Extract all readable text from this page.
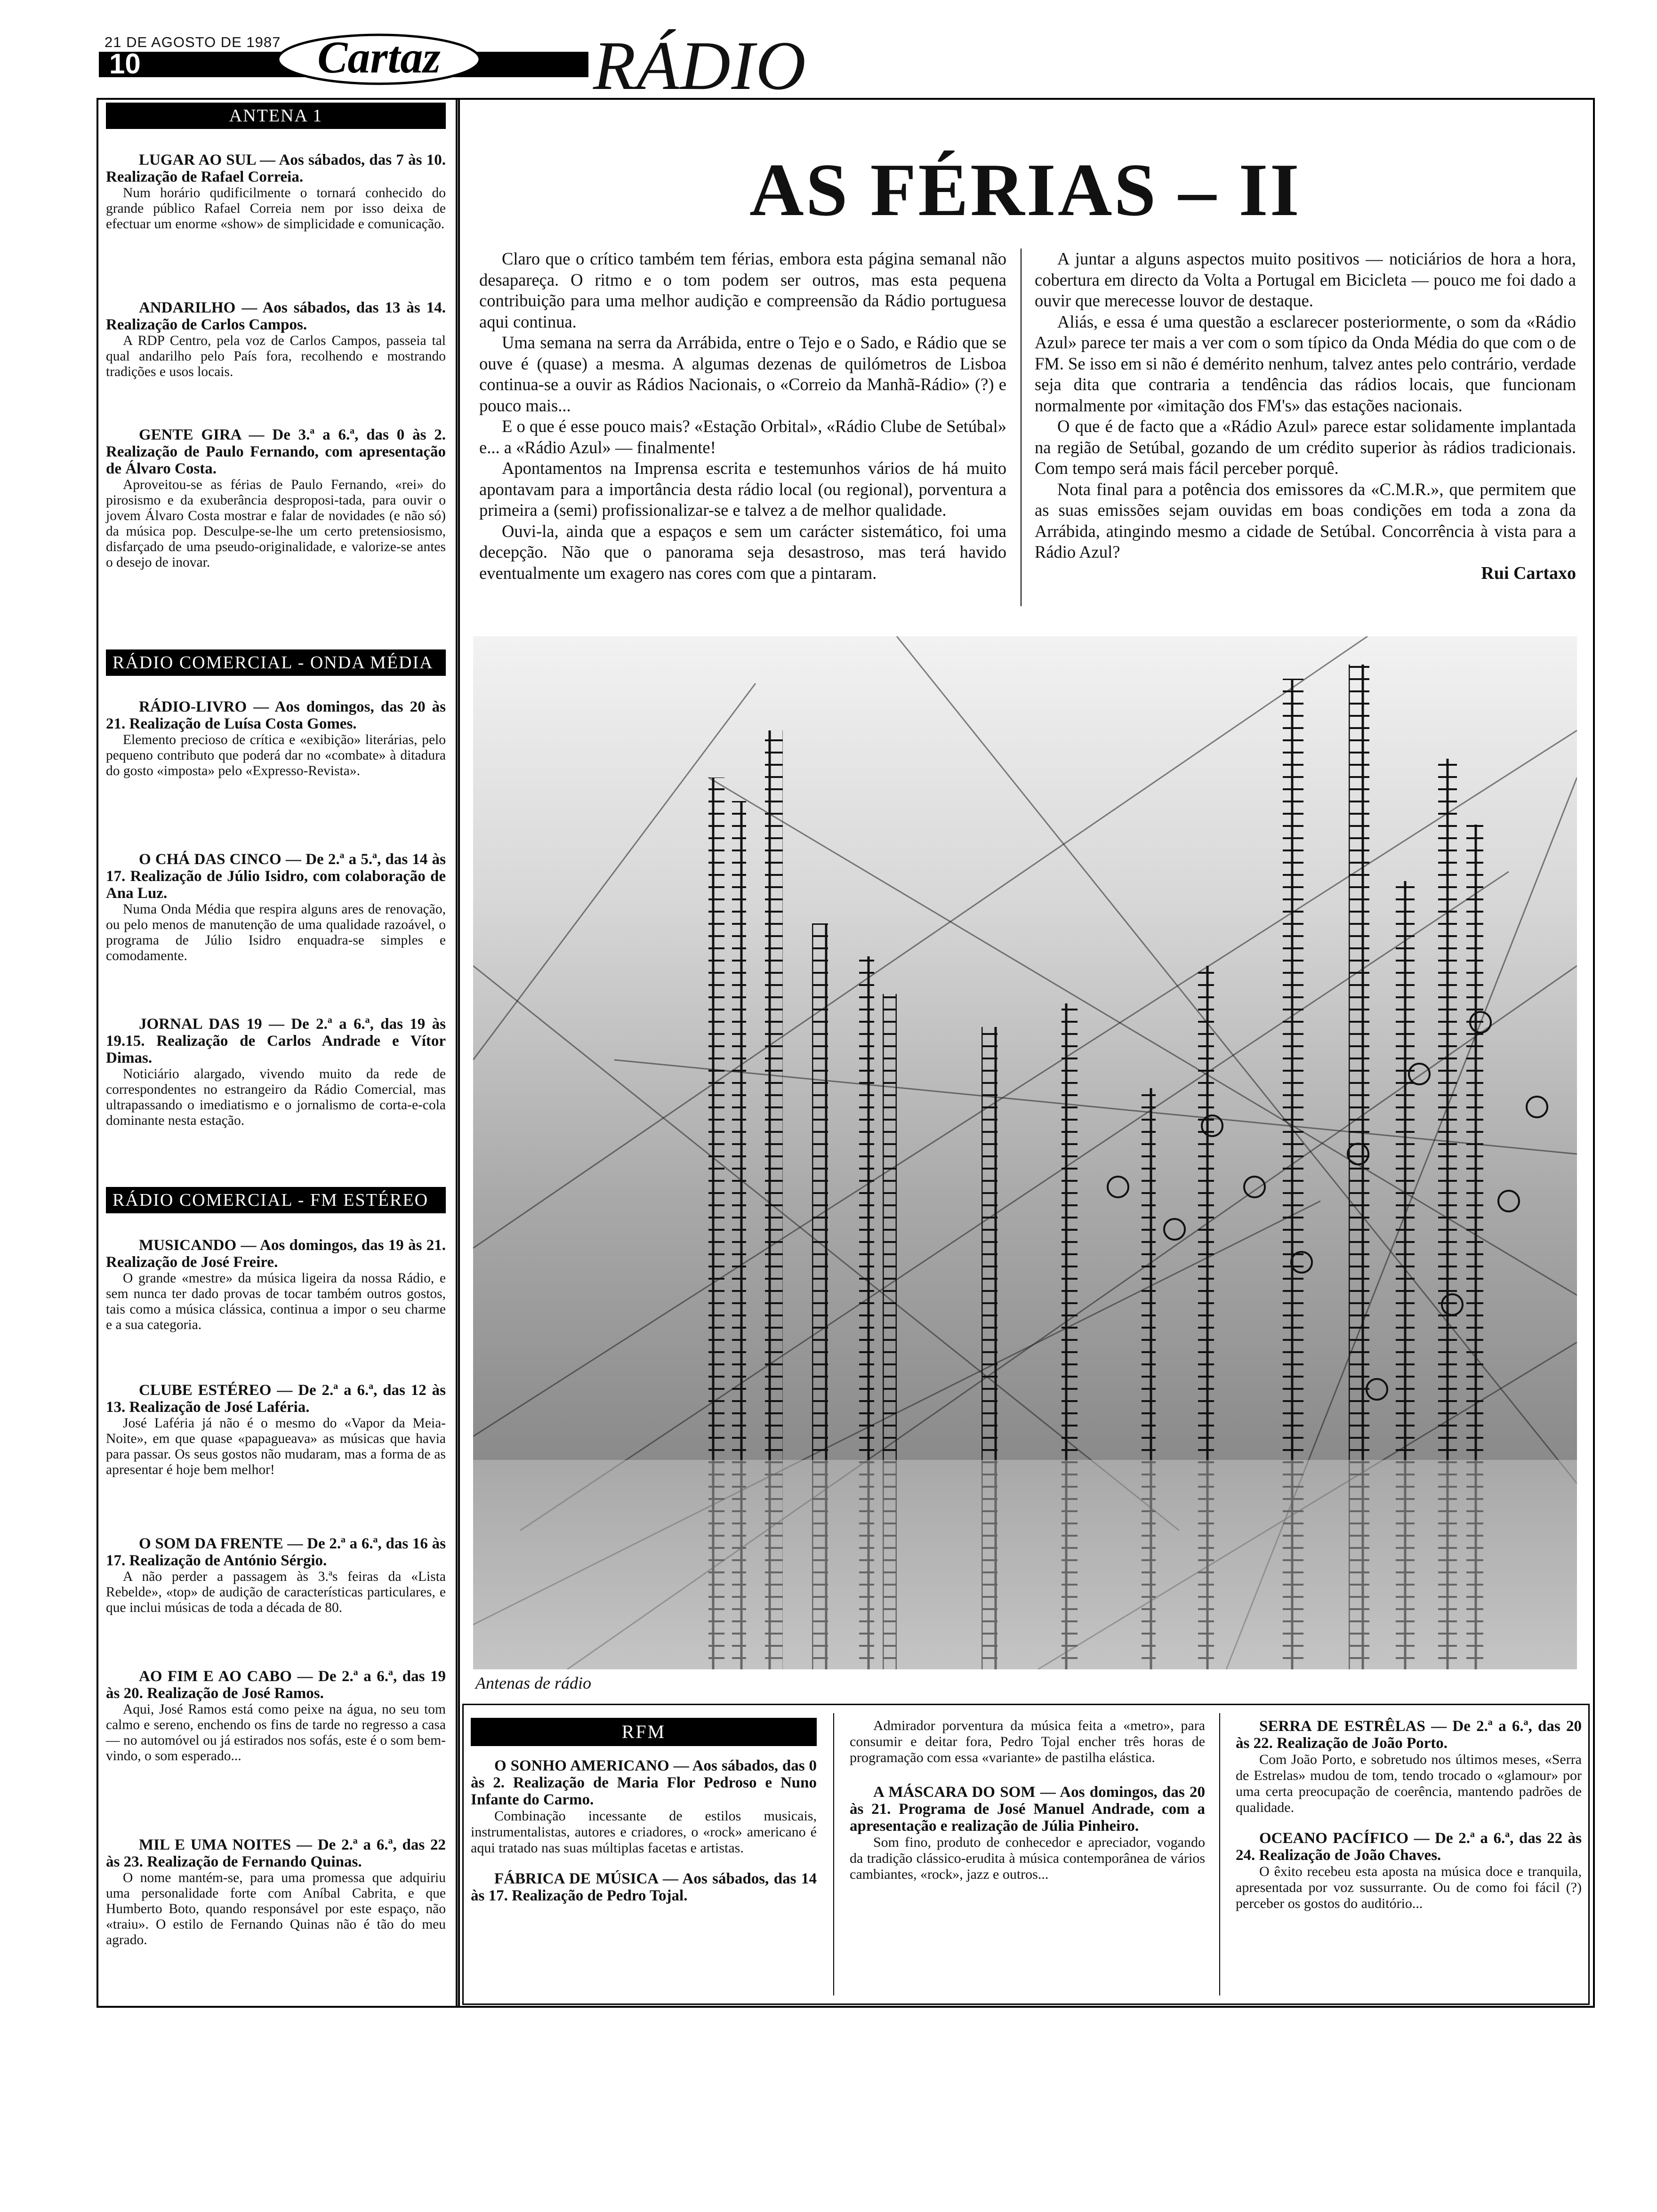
21 DE AGOSTO DE 1987
10	Cartaz RÁDIO
ANTENA 1

LUGAR AO SUL — Aos sábados, das 7 às 10. Realização de Rafael Correia.

Num horário qudificilmente o tornará conhecido do grande público Rafael Correia nem por isso deixa de efectuar um enorme «show» de simplicidade e comunicação.

ANDARILHO — Aos sábados, das 13 às 14. Realização de Carlos Campos.

A RDP Centro, pela voz de Carlos Campos, passeia tal qual andarilho pelo País fora, recolhendo e mostrando tradições e usos locais.

GENTE GIRA — De 3.ª a 6.ª, das 0 às 2. Realização de Paulo Fernando, com apresentação de Álvaro Costa.

Aproveitou-se as férias de Paulo Fernando, «rei» do pirosismo e da exuberância desproposi-tada, para ouvir o jovem Álvaro Costa mostrar e falar de novidades (e não só) da música pop. Desculpe-se-lhe um certo pretensiosismo, disfarçado de uma pseudo-originalidade, e valorize-se antes o desejo de inovar.

RÁDIO COMERCIAL - ONDA MÉDIA

RÁDIO-LIVRO — Aos domingos, das 20 às 21. Realização de Luísa Costa Gomes.

Elemento precioso de crítica e «exibição» literárias, pelo pequeno contributo que poderá dar no «combate» à ditadura do gosto «imposta» pelo «Expresso-Revista».

O CHÁ DAS CINCO — De 2.ª a 5.ª, das 14 às 17. Realização de Júlio Isidro, com colaboração de Ana Luz.

Numa Onda Média que respira alguns ares de renovação, ou pelo menos de manutenção de uma qualidade razoável, o programa de Júlio Isidro enquadra-se simples e comodamente.

JORNAL DAS 19 — De 2.ª a 6.ª, das 19 às 19.15. Realização de Carlos Andrade e Vítor Dimas.

Noticiário alargado, vivendo muito da rede de correspondentes no estrangeiro da Rádio Comercial, mas ultrapassando o imediatismo e o jornalismo de corta-e-cola dominante nesta estação.

RÁDIO COMERCIAL - FM ESTÉREO

MUSICANDO — Aos domingos, das 19 às 21. Realização de José Freire.

O grande «mestre» da música ligeira da nossa Rádio, e sem nunca ter dado provas de tocar também outros gostos, tais como a música clássica, continua a impor o seu charme e a sua categoria.

CLUBE ESTÉREO — De 2.ª a 6.ª, das 12 às 13. Realização de José Laféria.

José Laféria já não é o mesmo do «Vapor da Meia-Noite», em que quase «papagueava» as músicas que havia para passar. Os seus gostos não mudaram, mas a forma de as apresentar é hoje bem melhor!

O SOM DA FRENTE — De 2.ª a 6.ª, das 16 às 17. Realização de António Sérgio.

A não perder a passagem às 3.ªs feiras da «Lista Rebelde», «top» de audição de características particulares, e que inclui músicas de toda a década de 80.

AO FIM E AO CABO — De 2.ª a 6.ª, das 19 às 20. Realização de José Ramos.

Aqui, José Ramos está como peixe na água, no seu tom calmo e sereno, enchendo os fins de tarde no regresso a casa — no automóvel ou já estirados nos sofás, este é o som bem-vindo, o som esperado...

MIL E UMA NOITES — De 2.ª a 6.ª, das 22 às 23. Realização de Fernando Quinas.

O nome mantém-se, para uma promessa que adquiriu uma personalidade forte com Aníbal Cabrita, e que Humberto Boto, quando responsável por este espaço, não «traiu». O estilo de Fernando Quinas não é tão do meu agrado.

AS FÉRIAS – II

Claro que o crítico também tem férias, embora esta página semanal não desapareça. O ritmo e o tom podem ser outros, mas esta pequena contribuição para uma melhor audição e compreensão da Rádio portuguesa aqui continua.

Uma semana na serra da Arrábida, entre o Tejo e o Sado, e Rádio que se ouve é (quase) a mesma. A algumas dezenas de quilómetros de Lisboa continua-se a ouvir as Rádios Nacionais, o «Correio da Manhã-Rádio» (?) e pouco mais...

E o que é esse pouco mais? «Estação Orbital», «Rádio Clube de Setúbal» e... a «Rádio Azul» — finalmente!

Apontamentos na Imprensa escrita e testemunhos vários de há muito apontavam para a importância desta rádio local (ou regional), porventura a primeira a (semi) profissionalizar-se e talvez a de melhor qualidade.

Ouvi-la, ainda que a espaços e sem um carácter sistemático, foi uma decepção. Não que o panorama seja desastroso, mas terá havido eventualmente um exagero nas cores com que a pintaram.

A juntar a alguns aspectos muito positivos — noticiários de hora a hora, cobertura em directo da Volta a Portugal em Bicicleta — pouco me foi dado a ouvir que merecesse louvor de destaque.

Aliás, e essa é uma questão a esclarecer posteriormente, o som da «Rádio Azul» parece ter mais a ver com o som típico da Onda Média do que com o de FM. Se isso em si não é demérito nenhum, talvez antes pelo contrário, verdade seja dita que contraria a tendência das rádios locais, que funcionam normalmente por «imitação dos FM's» das estações nacionais.

O que é de facto que a «Rádio Azul» parece estar solidamente implantada na região de Setúbal, gozando de um crédito superior às rádios tradicionais. Com tempo será mais fácil perceber porquê.

Nota final para a potência dos emissores da «C.M.R.», que permitem que as suas emissões sejam ouvidas em boas condições em toda a zona da Arrábida, atingindo mesmo a cidade de Setúbal. Concorrência à vista para a Rádio Azul?

Rui Cartaxo
Antenas de rádio
RFM

O SONHO AMERICANO — Aos sábados, das 0 às 2. Realização de Maria Flor Pedroso e Nuno Infante do Carmo.

Combinação incessante de estilos musicais, instrumentalistas, autores e criadores, o «rock» americano é aqui tratado nas suas múltiplas facetas e artistas.

FÁBRICA DE MÚSICA — Aos sábados, das 14 às 17. Realização de Pedro Tojal.

Admirador porventura da música feita a «metro», para consumir e deitar fora, Pedro Tojal encher três horas de programação com essa «variante» de pastilha elástica.

A MÁSCARA DO SOM — Aos domingos, das 20 às 21. Programa de José Manuel Andrade, com a apresentação e realização de Júlia Pinheiro.

Som fino, produto de conhecedor e apreciador, vogando da tradição clássico-erudita à música contemporânea de vários cambiantes, «rock», jazz e outros...

SERRA DE ESTRÊLAS — De 2.ª a 6.ª, das 20 às 22. Realização de João Porto.

Com João Porto, e sobretudo nos últimos meses, «Serra de Estrelas» mudou de tom, tendo trocado o «glamour» por uma certa preocupação de coerência, mantendo padrões de qualidade.

OCEANO PACÍFICO — De 2.ª a 6.ª, das 22 às 24. Realização de João Chaves.

O êxito recebeu esta aposta na música doce e tranquila, apresentada por voz sussurrante. Ou de como foi fácil (?) perceber os gostos do auditório...
